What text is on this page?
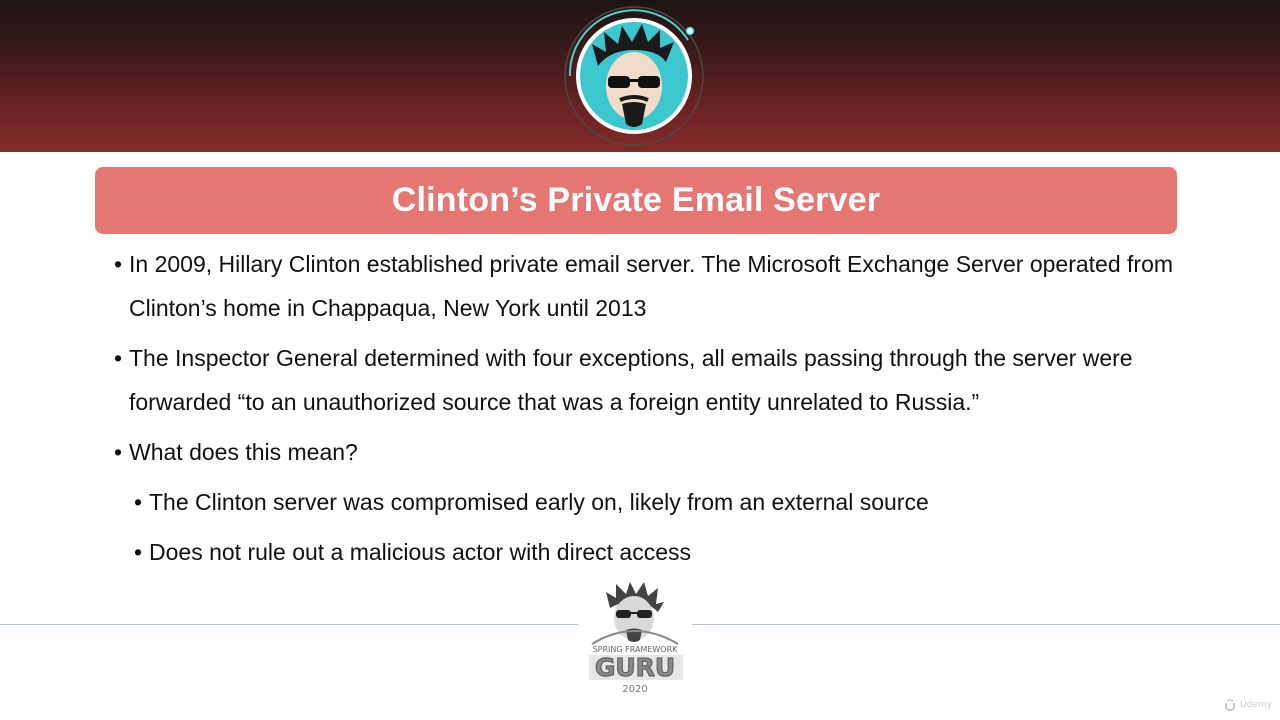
Clinton’s Private Email Server
• In 2009, Hillary Clinton established private email server. The Microsoft Exchange Server operated from Clinton’s home in Chappaqua, New York until 2013
• The Inspector General determined with four exceptions, all emails passing through the server were forwarded “to an unauthorized source that was a foreign entity unrelated to Russia.”
• What does this mean?
• The Clinton server was compromised early on, likely from an external source
• Does not rule out a malicious actor with direct access
SPRING FRAMEWORK
GURU
2020
Udemy
